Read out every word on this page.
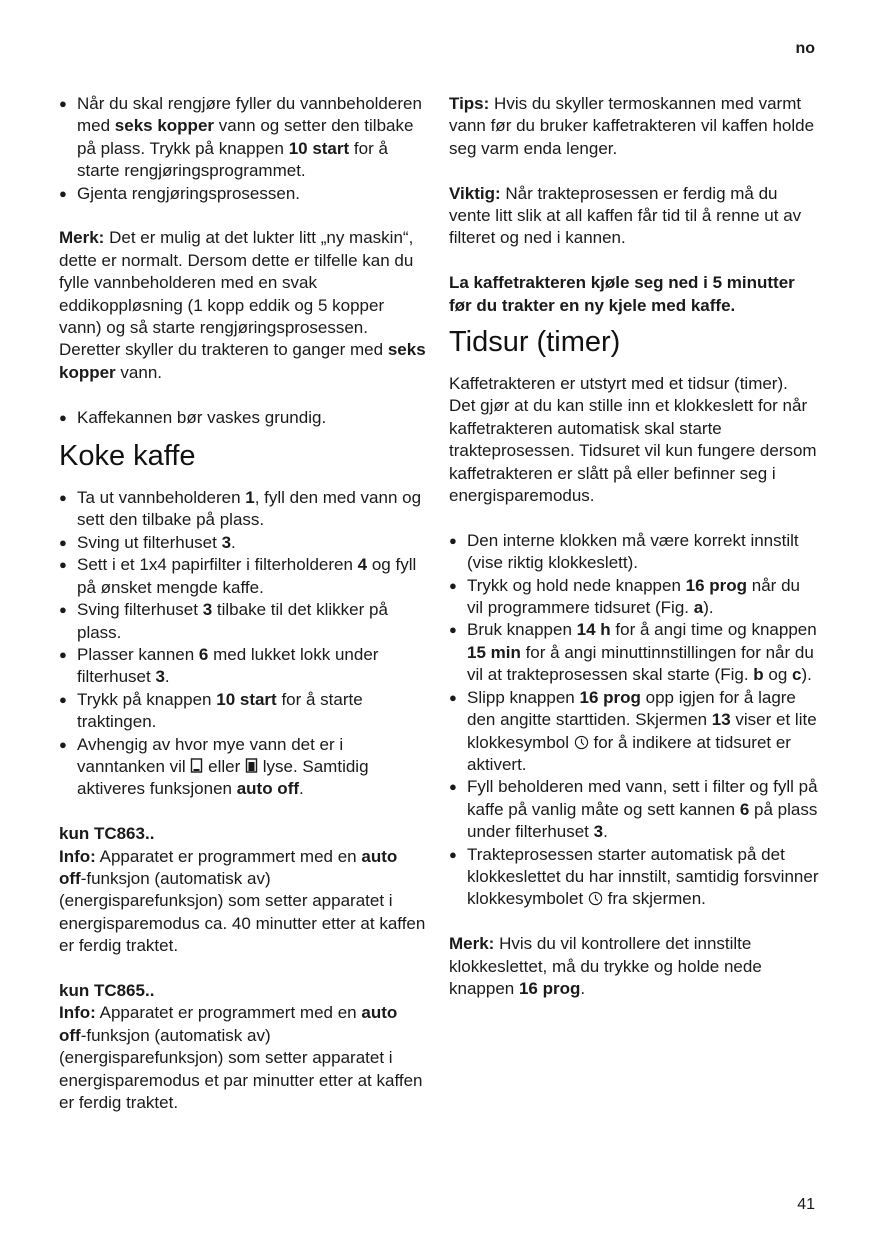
no
● Når du skal rengjøre fyller du vannbeholderen med seks kopper vann og setter den tilbake på plass. Trykk på knappen 10 start for å starte rengjøringsprogrammet.
● Gjenta rengjøringsprosessen.

Merk: Det er mulig at det lukter litt „ny maskin“, dette er normalt. Dersom dette er tilfelle kan du fylle vannbeholderen med en svak eddikoppløsning (1 kopp eddik og 5 kopper vann) og så starte rengjøringsprosessen. Deretter skyller du trakteren to ganger med seks kopper vann.

● Kaffekannen bør vaskes grundig.
Koke kaffe
● Ta ut vannbeholderen 1, fyll den med vann og sett den tilbake på plass.
● Sving ut filterhuset 3.
● Sett i et 1x4 papirfilter i filterholderen 4 og fyll på ønsket mengde kaffe.
● Sving filterhuset 3 tilbake til det klikker på plass.
● Plasser kannen 6 med lukket lokk under filterhuset 3.
● Trykk på knappen 10 start for å starte traktingen.
● Avhengig av hvor mye vann det er i vanntanken vil  eller  lyse. Samtidig aktiveres funksjonen auto off.

kun TC863..

Info: Apparatet er programmert med en auto off-funksjon (automatisk av) (energisparefunksjon) som setter apparatet i energisparemodus ca. 40 minutter etter at kaffen er ferdig traktet.

kun TC865..

Info: Apparatet er programmert med en auto off-funksjon (automatisk av) (energisparefunksjon) som setter apparatet i energisparemodus et par minutter etter at kaffen er ferdig traktet.

Tips: Hvis du skyller termoskannen med varmt vann før du bruker kaffetrakteren vil kaffen holde seg varm enda lenger.

Viktig: Når trakteprosessen er ferdig må du vente litt slik at all kaffen får tid til å renne ut av filteret og ned i kannen.

La kaffetrakteren kjøle seg ned i 5 minutter før du trakter en ny kjele med kaffe.

Tidsur (timer)

Kaffetrakteren er utstyrt med et tidsur (timer). Det gjør at du kan stille inn et klokkeslett for når kaffetrakteren automatisk skal starte trakteprosessen. Tidsuret vil kun fungere dersom kaffetrakteren er slått på eller befinner seg i energisparemodus.

● Den interne klokken må være korrekt innstilt (vise riktig klokkeslett).
● Trykk og hold nede knappen 16 prog når du vil programmere tidsuret (Fig. a).
● Bruk knappen 14 h for å angi time og knappen 15 min for å angi minuttinnstillingen for når du vil at trakteprosessen skal starte (Fig. b og c).
● Slipp knappen 16 prog opp igjen for å lagre den angitte starttiden. Skjermen 13 viser et lite klokkesymbol  for å indikere at tidsuret er aktivert.
● Fyll beholderen med vann, sett i filter og fyll på kaffe på vanlig måte og sett kannen 6 på plass under filterhuset 3.
● Trakteprosessen starter automatisk på det klokkeslettet du har innstilt, samtidig forsvinner klokkesymbolet  fra skjermen.

Merk: Hvis du vil kontrollere det innstilte klokkeslettet, må du trykke og holde nede knappen 16 prog.

41
